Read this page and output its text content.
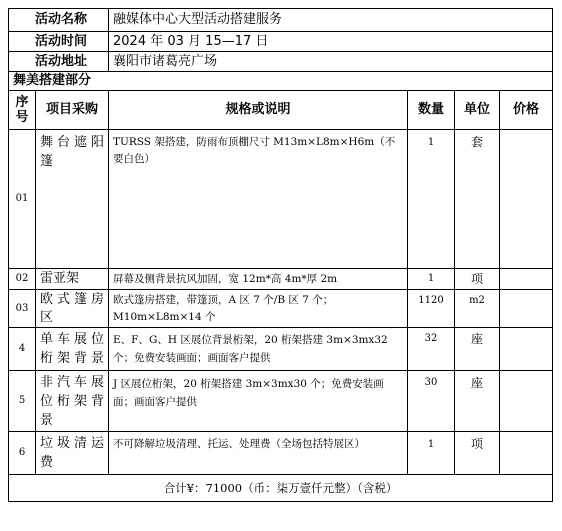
活动名称		融媒体中心大型活动搭建服务			
活动时间		2024 年 03 月 15—17 日			
活动地址		襄阳市诸葛亮广场			
舞美搭建部分					
序号	项目采购	规格或说明	数量	单位	价格
01	舞台遮阳篷	TURSS 架搭建，防雨布顶棚尺寸 M13m×L8m×H6m（不要白色）	1	套	
02	雷亚架	屏幕及侧背景抗风加固，宽 12m*高 4m*厚 2m	1	项	
03	欧式篷房区	欧式篷房搭建，带篷顶，A 区 7 个/B 区 7 个；M10m×L8m×14 个	1120	m2	
4	单车展位桁架背景	E、F、G、H 区展位背景桁架，20 桁架搭建 3m×3mx32 个；免费安装画面；画面客户提供	32	座	
5	非汽车展位桁架背景	J 区展位桁架，20 桁架搭建 3m×3mx30 个；免费安装画面；画面客户提供	30	座	
6	垃圾清运费	不可降解垃圾清理、托运、处理费（全场包括特展区）	1	项	
合计¥：71000（币：柒万壹仟元整）（含税）					
